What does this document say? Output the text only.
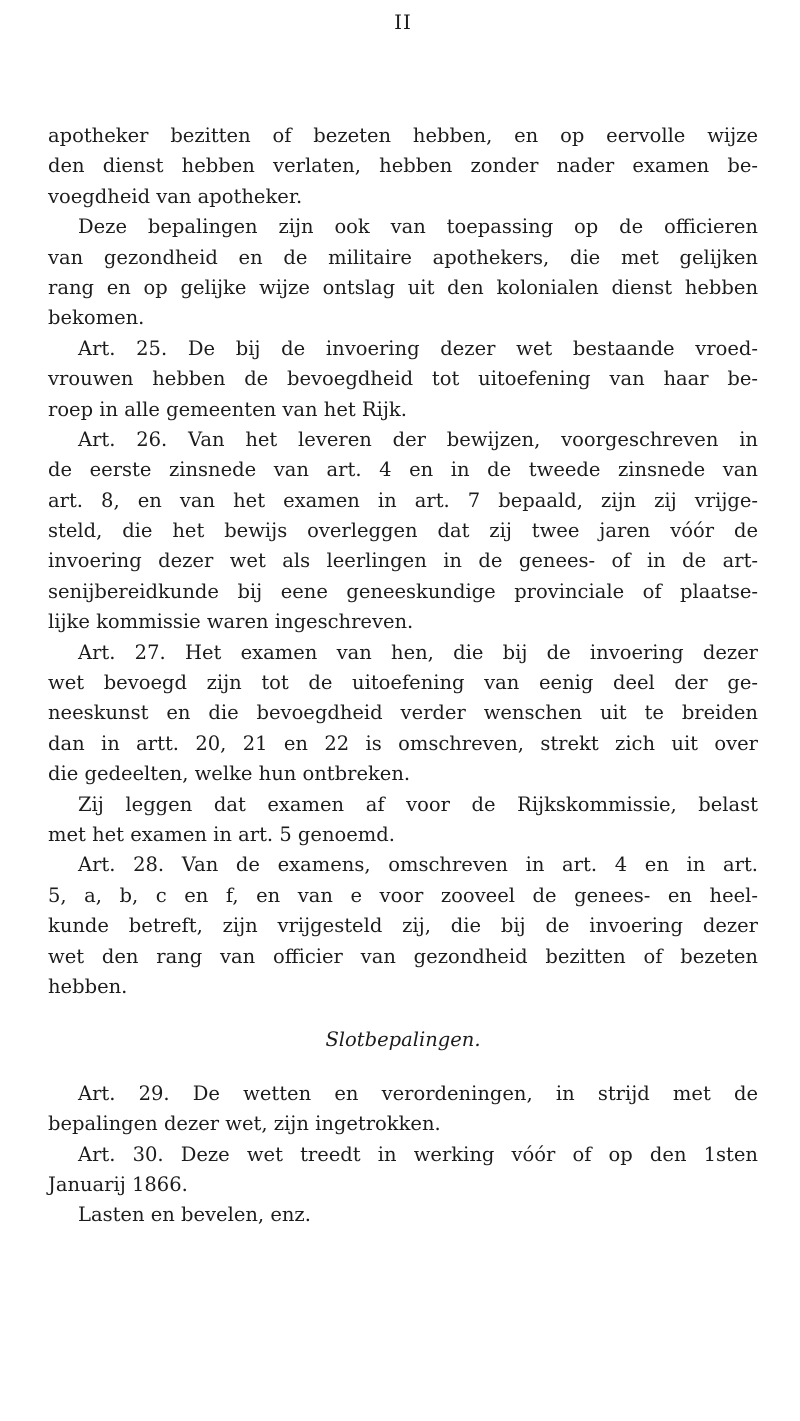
II
apotheker bezitten of bezeten hebben, en op eervolle wijze
den dienst hebben verlaten, hebben zonder nader examen be-
voegdheid van apotheker.
Deze bepalingen zijn ook van toepassing op de officieren
van gezondheid en de militaire apothekers, die met gelijken
rang en op gelijke wijze ontslag uit den kolonialen dienst hebben
bekomen.
Art. 25. De bij de invoering dezer wet bestaande vroed-
vrouwen hebben de bevoegdheid tot uitoefening van haar be-
roep in alle gemeenten van het Rijk.
Art. 26. Van het leveren der bewijzen, voorgeschreven in
de eerste zinsnede van art. 4 en in de tweede zinsnede van
art. 8, en van het examen in art. 7 bepaald, zijn zij vrijge-
steld, die het bewijs overleggen dat zij twee jaren vóór de
invoering dezer wet als leerlingen in de genees- of in de art-
senijbereidkunde bij eene geneeskundige provinciale of plaatse-
lijke kommissie waren ingeschreven.
Art. 27. Het examen van hen, die bij de invoering dezer
wet bevoegd zijn tot de uitoefening van eenig deel der ge-
neeskunst en die bevoegdheid verder wenschen uit te breiden
dan in artt. 20, 21 en 22 is omschreven, strekt zich uit over
die gedeelten, welke hun ontbreken.
Zij leggen dat examen af voor de Rijkskommissie, belast
met het examen in art. 5 genoemd.
Art. 28. Van de examens, omschreven in art. 4 en in art.
5, a, b, c en f, en van e voor zooveel de genees- en heel-
kunde betreft, zijn vrijgesteld zij, die bij de invoering dezer
wet den rang van officier van gezondheid bezitten of bezeten
hebben.
Slotbepalingen.
Art. 29. De wetten en verordeningen, in strijd met de
bepalingen dezer wet, zijn ingetrokken.
Art. 30. Deze wet treedt in werking vóór of op den 1sten
Januarij 1866.
Lasten en bevelen, enz.
